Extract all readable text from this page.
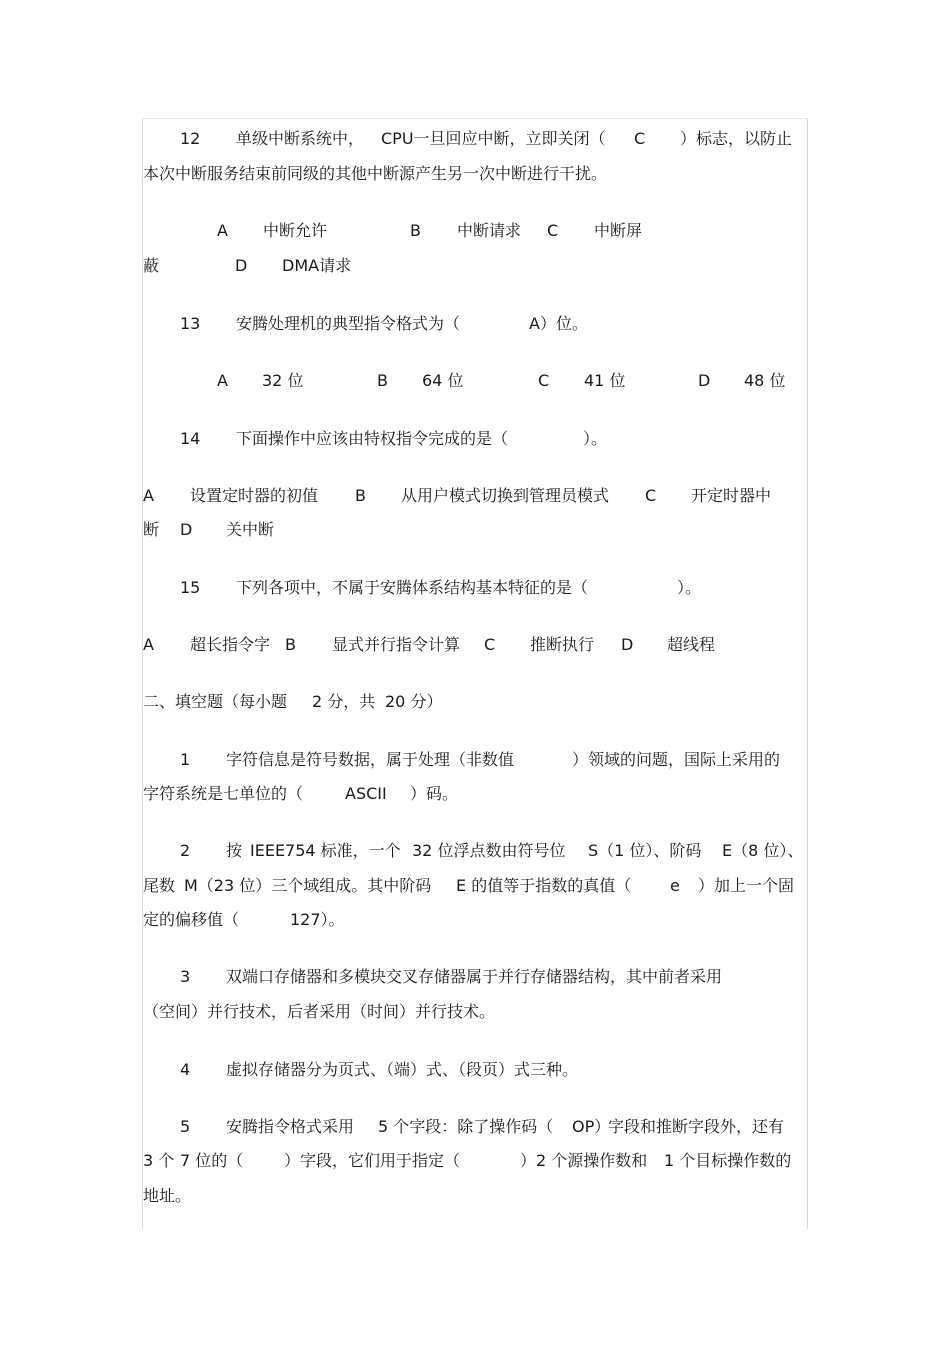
12 单级中断系统中， CPU一旦回应中断，立即关闭（ C ）标志，以防止
本次中断服务结束前同级的其他中断源产生另一次中断进行干扰。
A 中断允许	B 中断请求 C 中断屏
蔽	D DMA请求
13 安腾处理机的典型指令格式为（	A） 位。
A 32 位	B 64 位	C 41 位	D 48 位
14 下面操作中应该由特权指令完成的是（	）。
A 设置定时器的初值 B 从用户模式切换到管理员模式 C 开定时器中
断 D 关中断
15 下列各项中，不属于安腾体系结构基本特征的是（	）。
A 超长指令字 B 显式并行指令计算 C 推断执行 D 超线程
二、填空题（每小题 2 分，共 20 分）
1 字符信息是符号数据，属于处理（非数值	）领域的问题，国际上采用的
字符系统是七单位的（	ASCII ）码。
2 按 IEEE754 标准，一个 32 位浮点数由符号位 S（1 位）、阶码 E（8 位）、
尾数 M（23 位）三个域组成。其中阶码 E 的值等于指数的真值（ e ）加上一个固
定的偏移值（	127）。
3 双端口存储器和多模块交叉存储器属于并行存储器结构，其中前者采用
（空间）并行技术，后者采用（时间）并行技术。
4 虚拟存储器分为页式、（端）式、（段页）式三种。
5 安腾指令格式采用 5 个字段：除了操作码（ OP）
字段和推断字段外，还有
3 个 7 位的（	）字段，它们用于指定（	）2 个源操作数和 1 个目标操作数的
地址。
